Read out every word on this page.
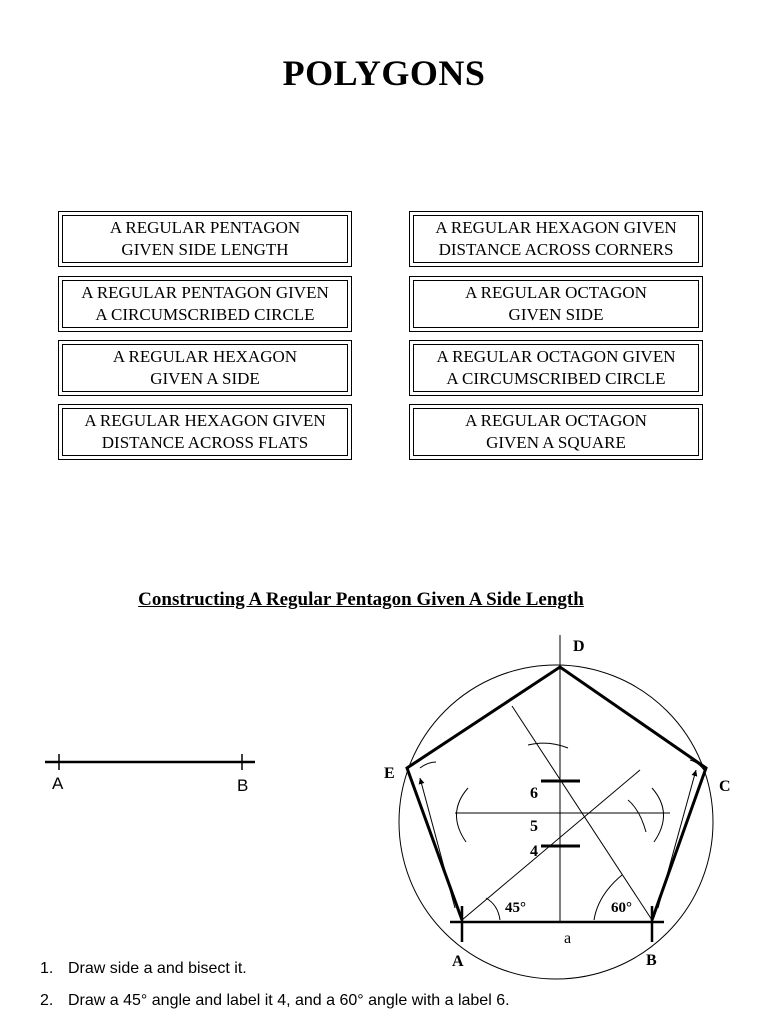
POLYGONS
A REGULAR PENTAGON
GIVEN SIDE LENGTH
A REGULAR HEXAGON GIVEN
DISTANCE ACROSS CORNERS
A REGULAR PENTAGON GIVEN
A CIRCUMSCRIBED CIRCLE
A REGULAR OCTAGON
GIVEN SIDE
A REGULAR HEXAGON
GIVEN A SIDE
A REGULAR OCTAGON GIVEN
A CIRCUMSCRIBED CIRCLE
A REGULAR HEXAGON GIVEN
DISTANCE ACROSS FLATS
A REGULAR OCTAGON
GIVEN A SQUARE
Constructing A Regular Pentagon Given A Side Length
A	B
D
E
C
A	B
6
5
4
45°	60°
a
1. Draw side a and bisect it.
2. Draw a 45° angle and label it 4, and a 60° angle with a label 6.
